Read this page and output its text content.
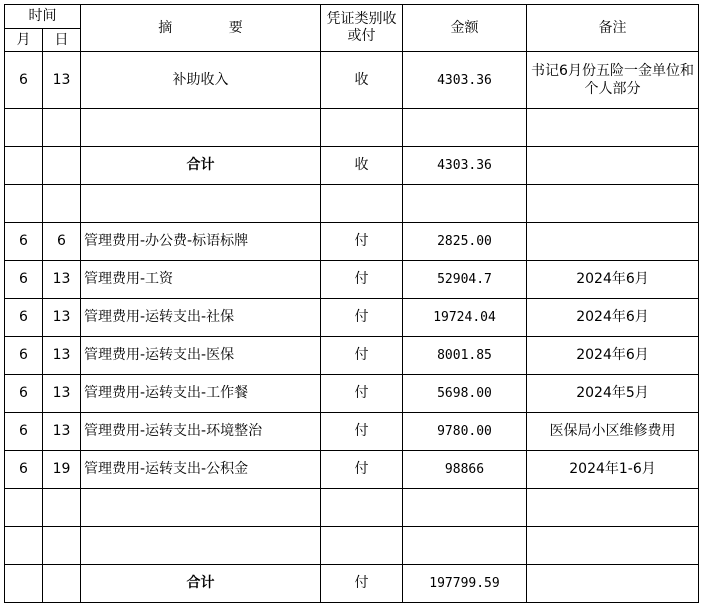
时间		摘 要	凭证类别收或付	金额	备注
月	日				
6	13	补助收入	收	4303.36	书记6月份五险一金单位和个人部分

		合计	收	4303.36	

6	6	管理费用-办公费-标语标牌	付	2825.00	
6	13	管理费用-工资	付	52904.7	2024年6月
6	13	管理费用-运转支出-社保	付	19724.04	2024年6月
6	13	管理费用-运转支出-医保	付	8001.85	2024年6月
6	13	管理费用-运转支出-工作餐	付	5698.00	2024年5月
6	13	管理费用-运转支出-环境整治	付	9780.00	医保局小区维修费用
6	19	管理费用-运转支出-公积金	付	98866	2024年1-6月

		合计	付	197799.59	
